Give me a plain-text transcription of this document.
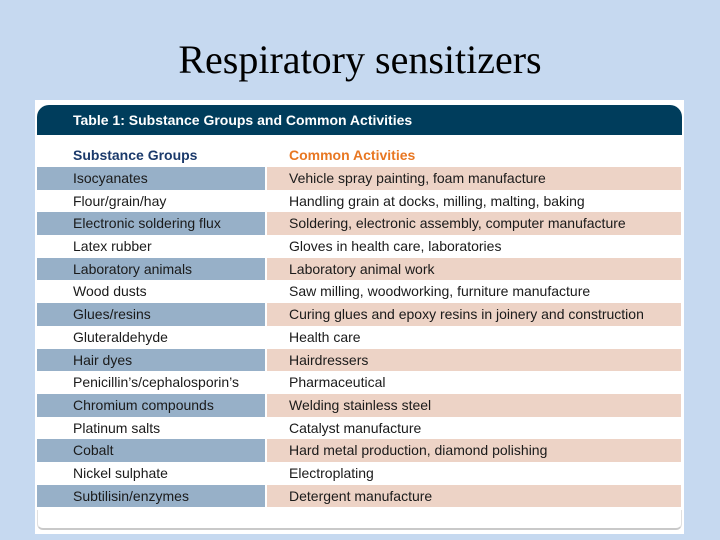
Respiratory sensitizers
Table 1: Substance Groups and Common Activities
Substance Groups	Common Activities
Isocyanates	Vehicle spray painting, foam manufacture
Flour/grain/hay	Handling grain at docks, milling, malting, baking
Electronic soldering flux	Soldering, electronic assembly, computer manufacture
Latex rubber	Gloves in health care, laboratories
Laboratory animals	Laboratory animal work
Wood dusts	Saw milling, woodworking, furniture manufacture
Glues/resins	Curing glues and epoxy resins in joinery and construction
Gluteraldehyde	Health care
Hair dyes	Hairdressers
Penicillin’s/cephalosporin’s	Pharmaceutical
Chromium compounds	Welding stainless steel
Platinum salts	Catalyst manufacture
Cobalt	Hard metal production, diamond polishing
Nickel sulphate	Electroplating
Subtilisin/enzymes	Detergent manufacture
